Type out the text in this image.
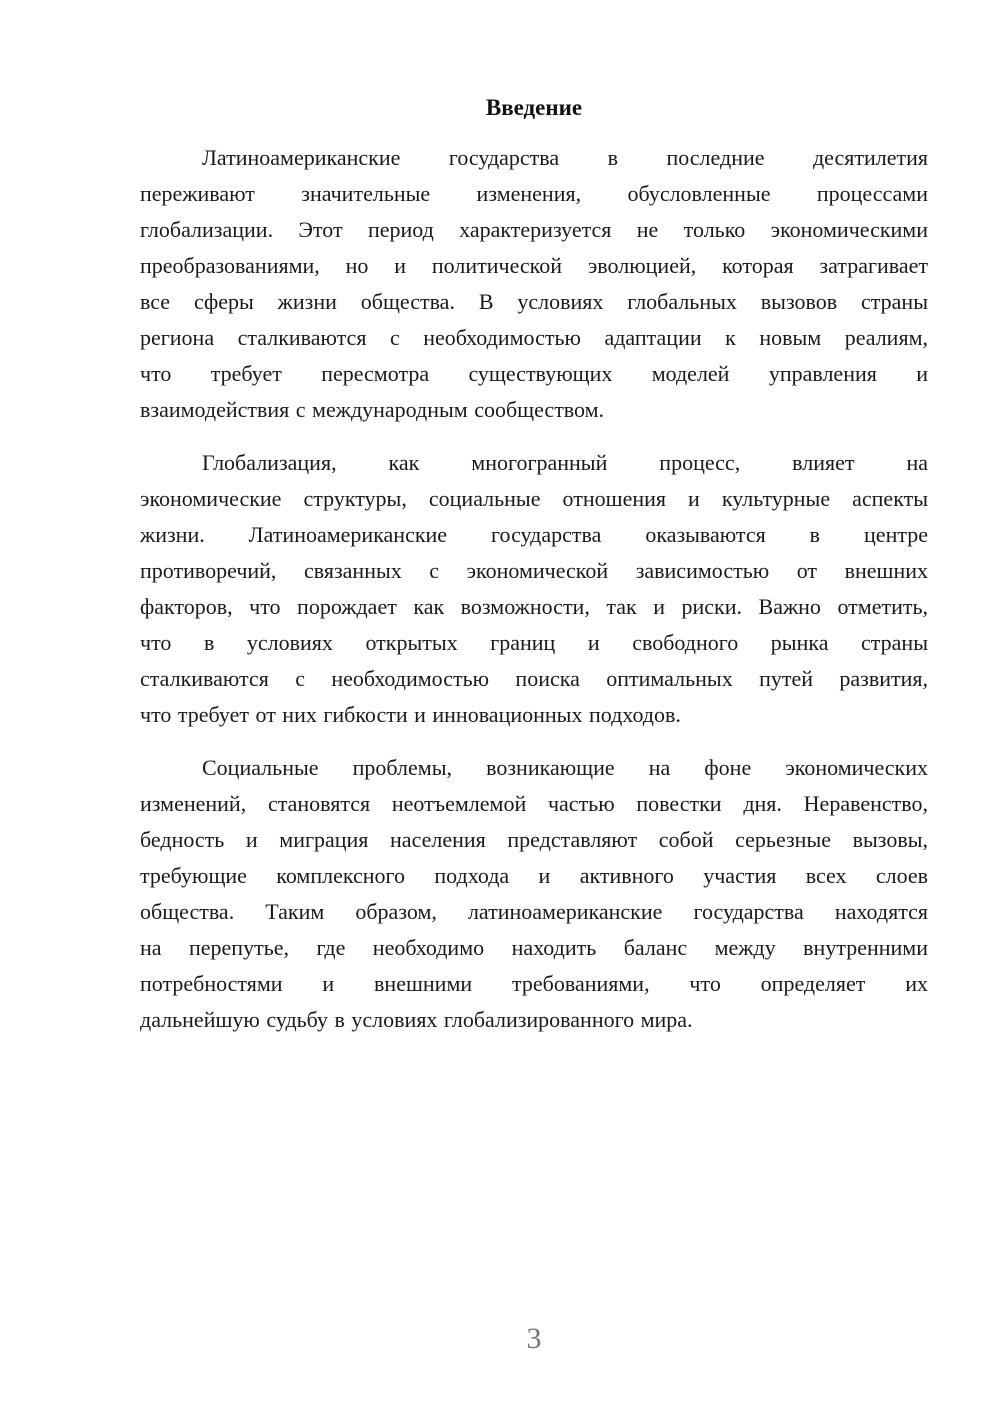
Введение
Латиноамериканские государства в последние десятилетия
переживают значительные изменения, обусловленные процессами
глобализации. Этот период характеризуется не только экономическими
преобразованиями, но и политической эволюцией, которая затрагивает
все сферы жизни общества. В условиях глобальных вызовов страны
региона сталкиваются с необходимостью адаптации к новым реалиям,
что требует пересмотра существующих моделей управления и
взаимодействия с международным сообществом.
Глобализация, как многогранный процесс, влияет на
экономические структуры, социальные отношения и культурные аспекты
жизни. Латиноамериканские государства оказываются в центре
противоречий, связанных с экономической зависимостью от внешних
факторов, что порождает как возможности, так и риски. Важно отметить,
что в условиях открытых границ и свободного рынка страны
сталкиваются с необходимостью поиска оптимальных путей развития,
что требует от них гибкости и инновационных подходов.
Социальные проблемы, возникающие на фоне экономических
изменений, становятся неотъемлемой частью повестки дня. Неравенство,
бедность и миграция населения представляют собой серьезные вызовы,
требующие комплексного подхода и активного участия всех слоев
общества. Таким образом, латиноамериканские государства находятся
на перепутье, где необходимо находить баланс между внутренними
потребностями и внешними требованиями, что определяет их
дальнейшую судьбу в условиях глобализированного мира.
3
